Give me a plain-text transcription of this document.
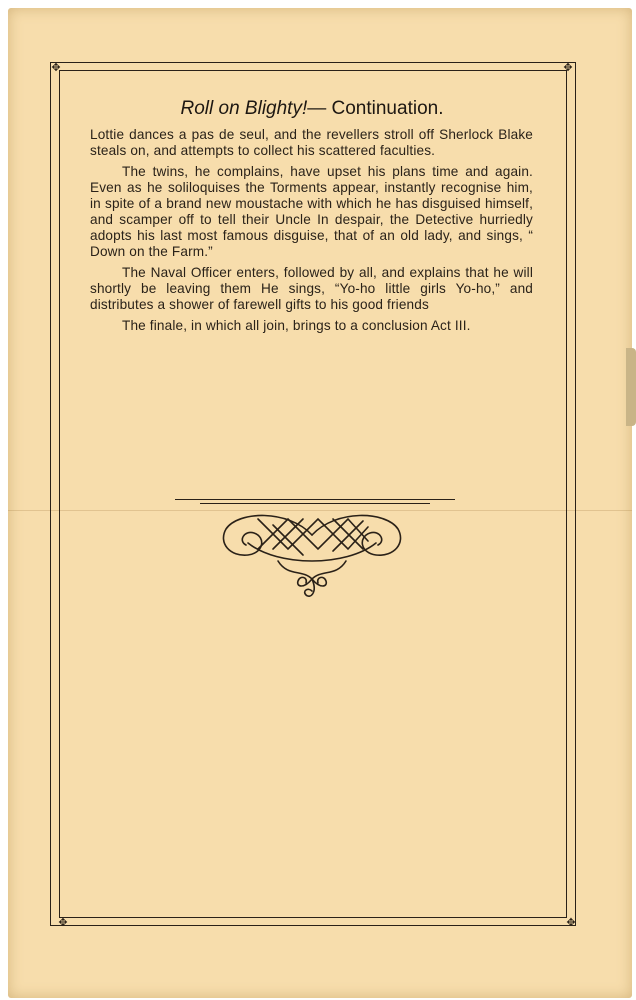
✥	✥
✥	✥
Roll on Blighty!— Continuation.

Lottie dances a pas de seul, and the revellers stroll off Sherlock Blake steals on, and attempts to collect his scattered faculties.

The twins, he complains, have upset his plans time and again. Even as he soliloquises the Torments appear, instantly recognise him, in spite of a brand new moustache with which he has disguised himself, and scamper off to tell their Uncle In despair, the Detective hurriedly adopts his last most famous disguise, that of an old lady, and sings, “ Down on the Farm.”

The Naval Officer enters, followed by all, and explains that he will shortly be leaving them He sings, “Yo-ho little girls Yo-ho,” and distributes a shower of farewell gifts to his good friends

The finale, in which all join, brings to a conclusion Act III.
